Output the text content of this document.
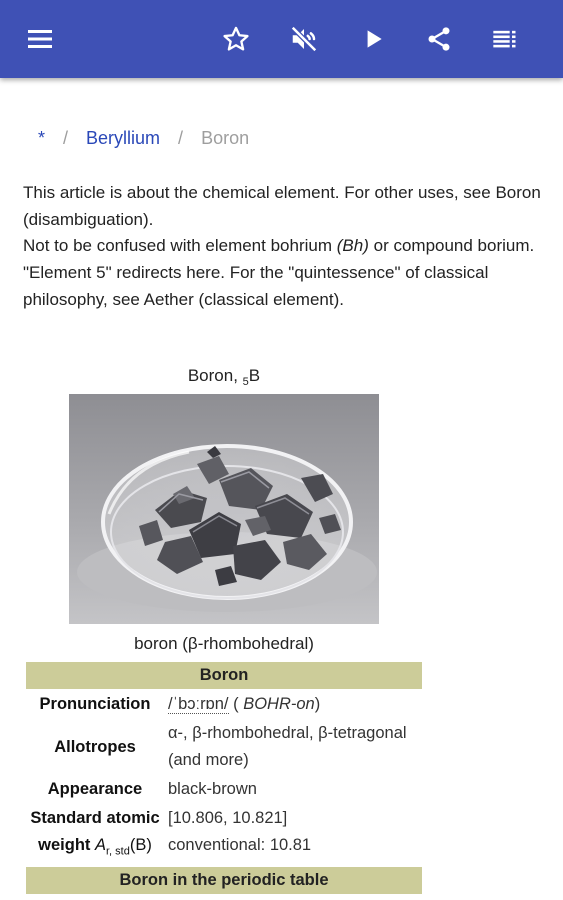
* / Beryllium / Boron

This article is about the chemical element. For other uses, see Boron (disambiguation).

Not to be confused with element bohrium (Bh) or compound borium.

"Element 5" redirects here. For the "quintessence" of classical philosophy, see Aether (classical element).

Boron, $_5$B
boron (β-rhombohedral)
Boron
Pronunciation	/ˈbɔːrɒn/ ( BOHR-on)
Allotropes
α-, β-rhombohedral, β-tetragonal (and more)
Appearance	black-brown
Standard atomic
weight $A_{r, std}(B)$
[10.806, 10.821]
conventional: 10.81
Boron in the periodic table
